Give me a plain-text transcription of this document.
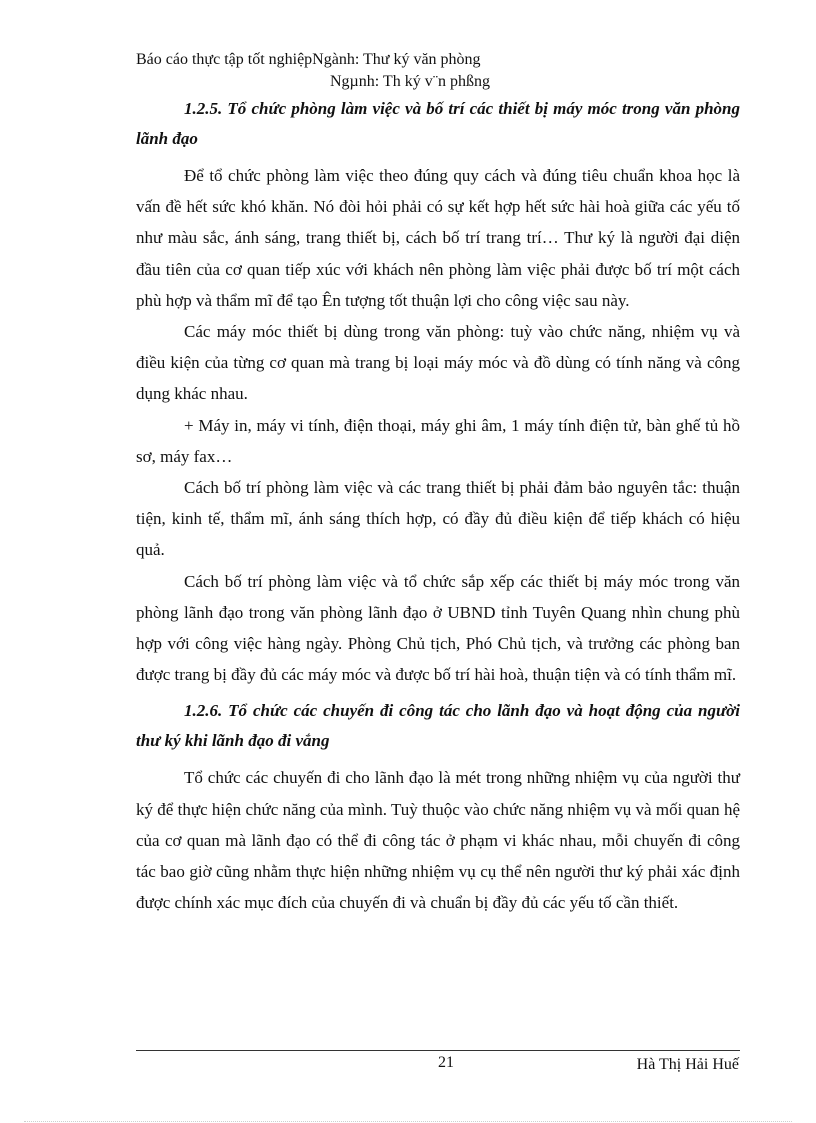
Báo cáo thực tập tốt nghiệpNgành: Thư ký văn phòng
Ngµnh: Th ký v¨n phßng
1.2.5. Tổ chức phòng làm việc và bố trí các thiết bị máy móc trong văn phòng lãnh đạo

Để tổ chức phòng làm việc theo đúng quy cách và đúng tiêu chuẩn khoa học là vấn đề hết sức khó khăn. Nó đòi hỏi phải có sự kết hợp hết sức hài hoà giữa các yếu tố như màu sắc, ánh sáng, trang thiết bị, cách bố trí trang trí… Thư ký là người đại diện đầu tiên của cơ quan tiếp xúc với khách nên phòng làm việc phải được bố trí một cách phù hợp và thẩm mĩ để tạo Ên tượng tốt thuận lợi cho công việc sau này.

Các máy móc thiết bị dùng trong văn phòng: tuỳ vào chức năng, nhiệm vụ và điều kiện của từng cơ quan mà trang bị loại máy móc và đồ dùng có tính năng và công dụng khác nhau.

+ Máy in, máy vi tính, điện thoại, máy ghi âm, 1 máy tính điện tử, bàn ghế tủ hồ sơ, máy fax…

Cách bố trí phòng làm việc và các trang thiết bị phải đảm bảo nguyên tắc: thuận tiện, kinh tế, thẩm mĩ, ánh sáng thích hợp, có đầy đủ điều kiện để tiếp khách có hiệu quả.

Cách bố trí phòng làm việc và tổ chức sắp xếp các thiết bị máy móc trong văn phòng lãnh đạo trong văn phòng lãnh đạo ở UBND tỉnh Tuyên Quang nhìn chung phù hợp với công việc hàng ngày. Phòng Chủ tịch, Phó Chủ tịch, và trưởng các phòng ban được trang bị đầy đủ các máy móc và được bố trí hài hoà, thuận tiện và có tính thẩm mĩ.

1.2.6. Tổ chức các chuyến đi công tác cho lãnh đạo và hoạt động của người thư ký khi lãnh đạo đi vắng

Tổ chức các chuyến đi cho lãnh đạo là mét trong những nhiệm vụ của người thư ký để thực hiện chức năng của mình. Tuỳ thuộc vào chức năng nhiệm vụ và mối quan hệ của cơ quan mà lãnh đạo có thể đi công tác ở phạm vi khác nhau, mỗi chuyến đi công tác bao giờ cũng nhằm thực hiện những nhiệm vụ cụ thể nên người thư ký phải xác định được chính xác mục đích của chuyến đi và chuẩn bị đầy đủ các yếu tố cần thiết.

21	Hà Thị Hải Huế
